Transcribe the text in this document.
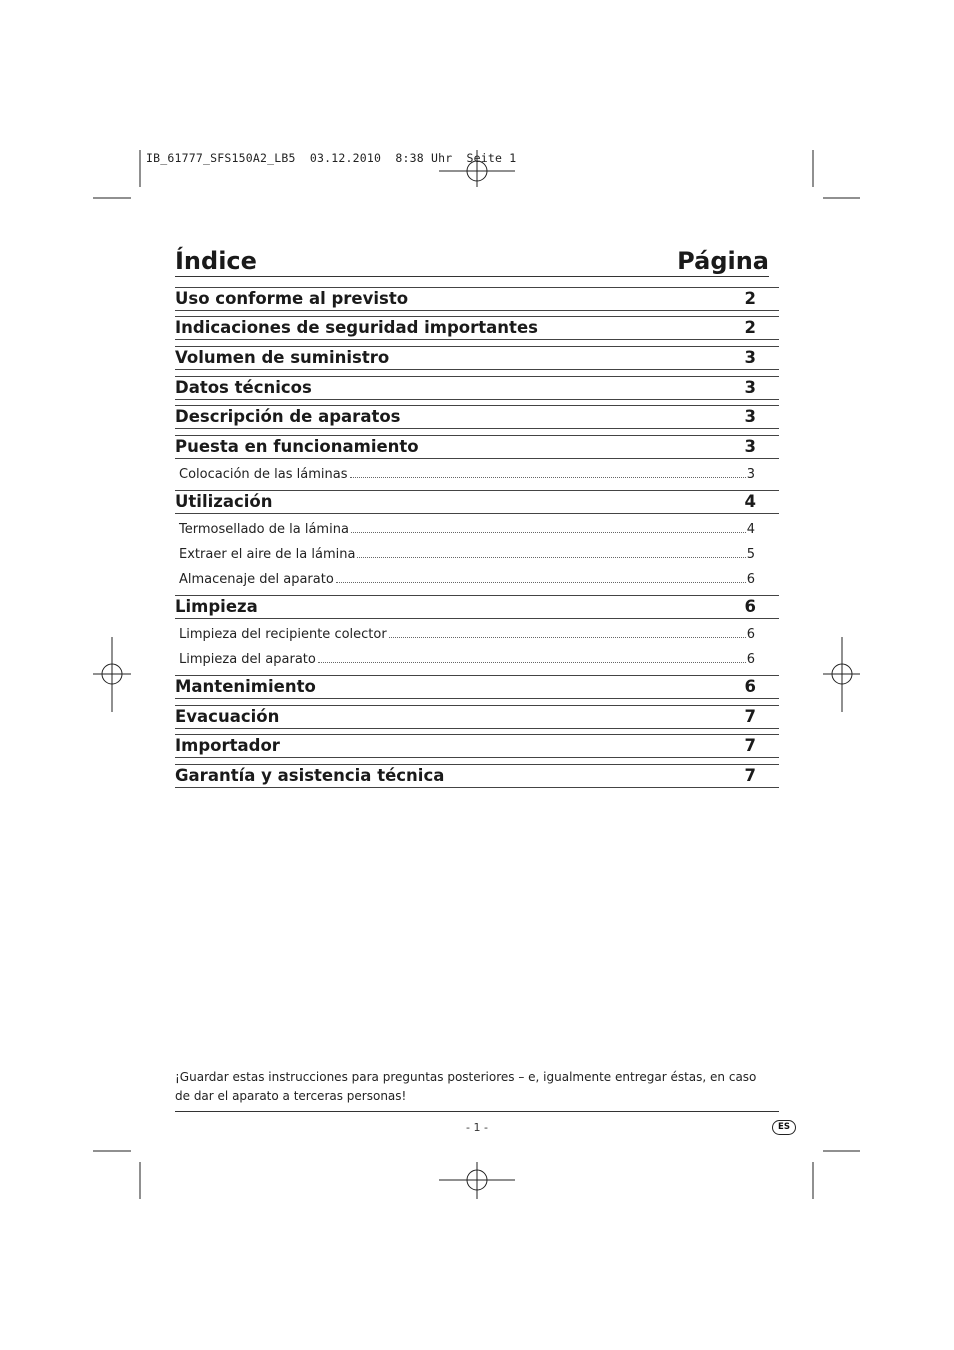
IB_61777_SFS150A2_LB5  03.12.2010  8:38 Uhr  Seite 1
Índice	Página
Uso conforme al previsto	2
Indicaciones de seguridad importantes	2
Volumen de suministro	3
Datos técnicos	3
Descripción de aparatos	3
Puesta en funcionamiento	3
Colocación de las láminas	3
Utilización	4
Termosellado de la lámina	4
Extraer el aire de la lámina	5
Almacenaje del aparato	6
Limpieza	6
Limpieza del recipiente colector	6
Limpieza del aparato	6
Mantenimiento	6
Evacuación	7
Importador	7
Garantía y asistencia técnica	7
¡Guardar estas instrucciones para preguntas posteriores – e, igualmente entregar éstas, en caso de dar el aparato a terceras personas!
- 1 -	ES
